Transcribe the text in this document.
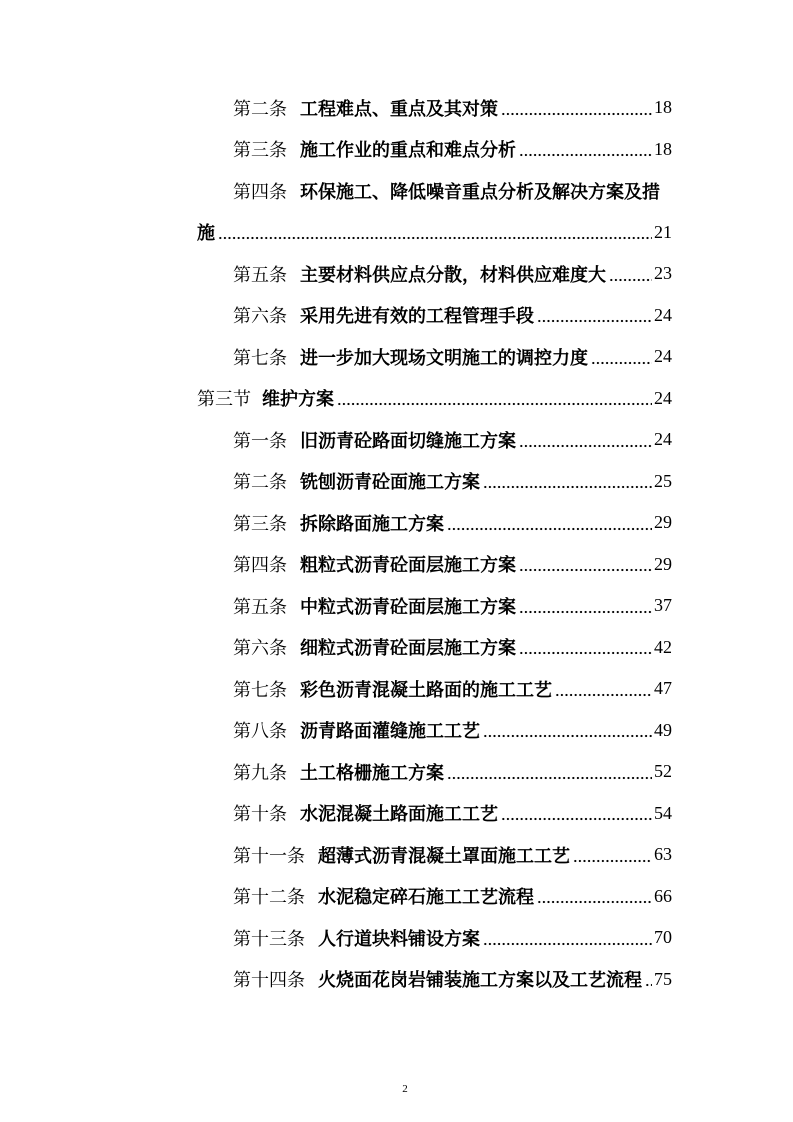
第二条 工程难点、重点及其对策	18
第三条 施工作业的重点和难点分析	18
第四条 环保施工、降低噪音重点分析及解决方案及措
施	21
第五条 主要材料供应点分散，材料供应难度大	23
第六条 采用先进有效的工程管理手段	24
第七条 进一步加大现场文明施工的调控力度	24
第三节 维护方案	24
第一条 旧沥青砼路面切缝施工方案	24
第二条 铣刨沥青砼面施工方案	25
第三条 拆除路面施工方案	29
第四条 粗粒式沥青砼面层施工方案	29
第五条 中粒式沥青砼面层施工方案	37
第六条 细粒式沥青砼面层施工方案	42
第七条 彩色沥青混凝土路面的施工工艺	47
第八条 沥青路面灌缝施工工艺	49
第九条 土工格栅施工方案	52
第十条 水泥混凝土路面施工工艺	54
第十一条 超薄式沥青混凝土罩面施工工艺	63
第十二条 水泥稳定碎石施工工艺流程	66
第十三条 人行道块料铺设方案	70
第十四条 火烧面花岗岩铺装施工方案以及工艺流程 75
2
